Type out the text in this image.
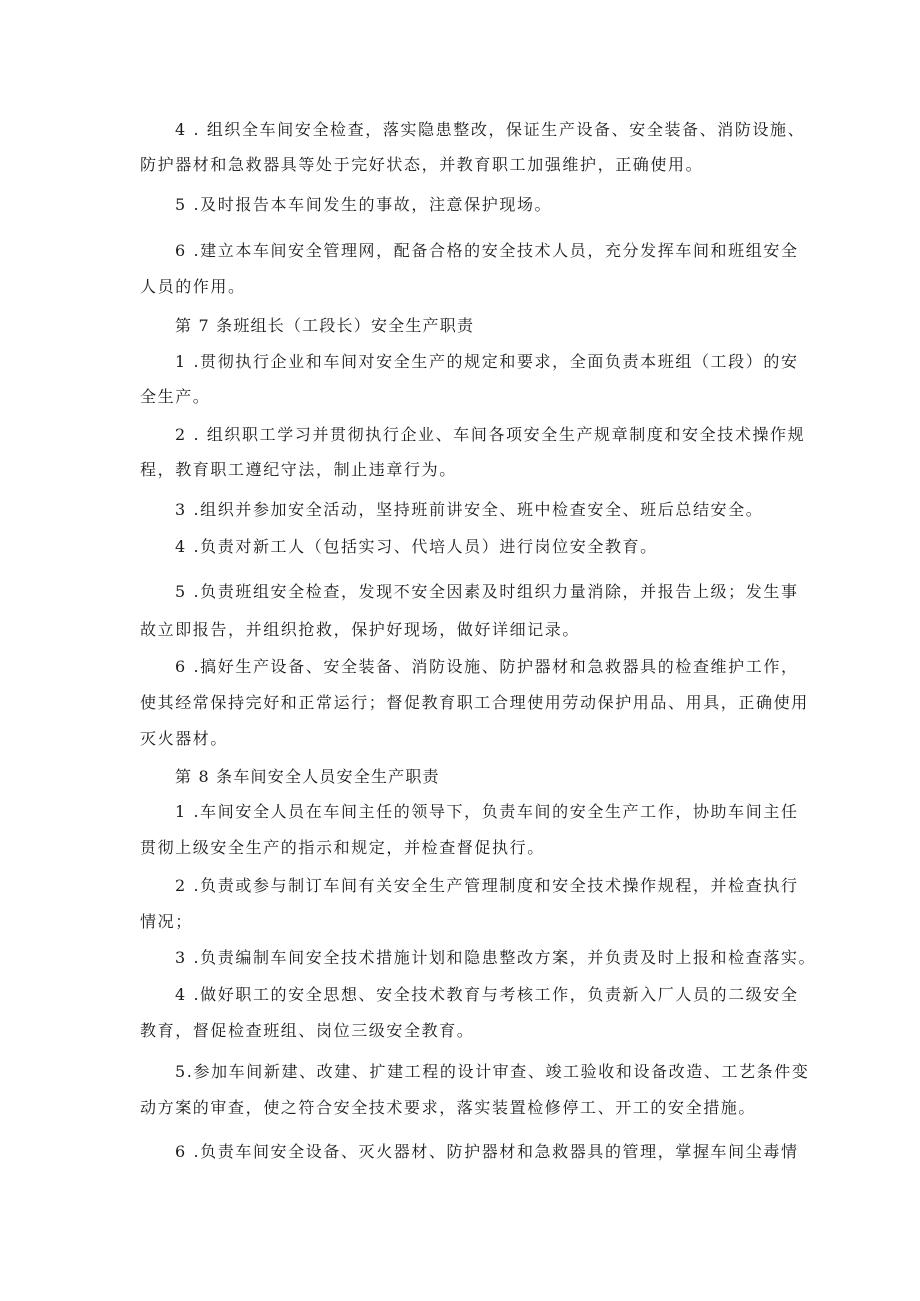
4 . 组织全车间安全检查，落实隐患整改，保证生产设备、安全装备、消防设施、
防护器材和急救器具等处于完好状态，并教育职工加强维护，正确使用。
5 .及时报告本车间发生的事故，注意保护现场。
6 .建立本车间安全管理网，配备合格的安全技术人员，充分发挥车间和班组安全
人员的作用。
第 7 条班组长（工段长）安全生产职责
1 .贯彻执行企业和车间对安全生产的规定和要求，全面负责本班组（工段）的安
全生产。
2 . 组织职工学习并贯彻执行企业、车间各项安全生产规章制度和安全技术操作规
程，教育职工遵纪守法，制止违章行为。
3 .组织并参加安全活动，坚持班前讲安全、班中检查安全、班后总结安全。
4 .负责对新工人（包括实习、代培人员）进行岗位安全教育。
5 .负责班组安全检查，发现不安全因素及时组织力量消除，并报告上级；发生事
故立即报告，并组织抢救，保护好现场，做好详细记录。
6 .搞好生产设备、安全装备、消防设施、防护器材和急救器具的检查维护工作，
使其经常保持完好和正常运行；督促教育职工合理使用劳动保护用品、用具，正确使用
灭火器材。
第 8 条车间安全人员安全生产职责
1 .车间安全人员在车间主任的领导下，负责车间的安全生产工作，协助车间主任
贯彻上级安全生产的指示和规定，并检查督促执行。
2 .负责或参与制订车间有关安全生产管理制度和安全技术操作规程，并检查执行
情况；
3 .负责编制车间安全技术措施计划和隐患整改方案，并负责及时上报和检查落实。
4 .做好职工的安全思想、安全技术教育与考核工作，负责新入厂人员的二级安全
教育，督促检查班组、岗位三级安全教育。
5.参加车间新建、改建、扩建工程的设计审查、竣工验收和设备改造、工艺条件变
动方案的审查，使之符合安全技术要求，落实装置检修停工、开工的安全措施。
6 .负责车间安全设备、灭火器材、防护器材和急救器具的管理，掌握车间尘毒情
